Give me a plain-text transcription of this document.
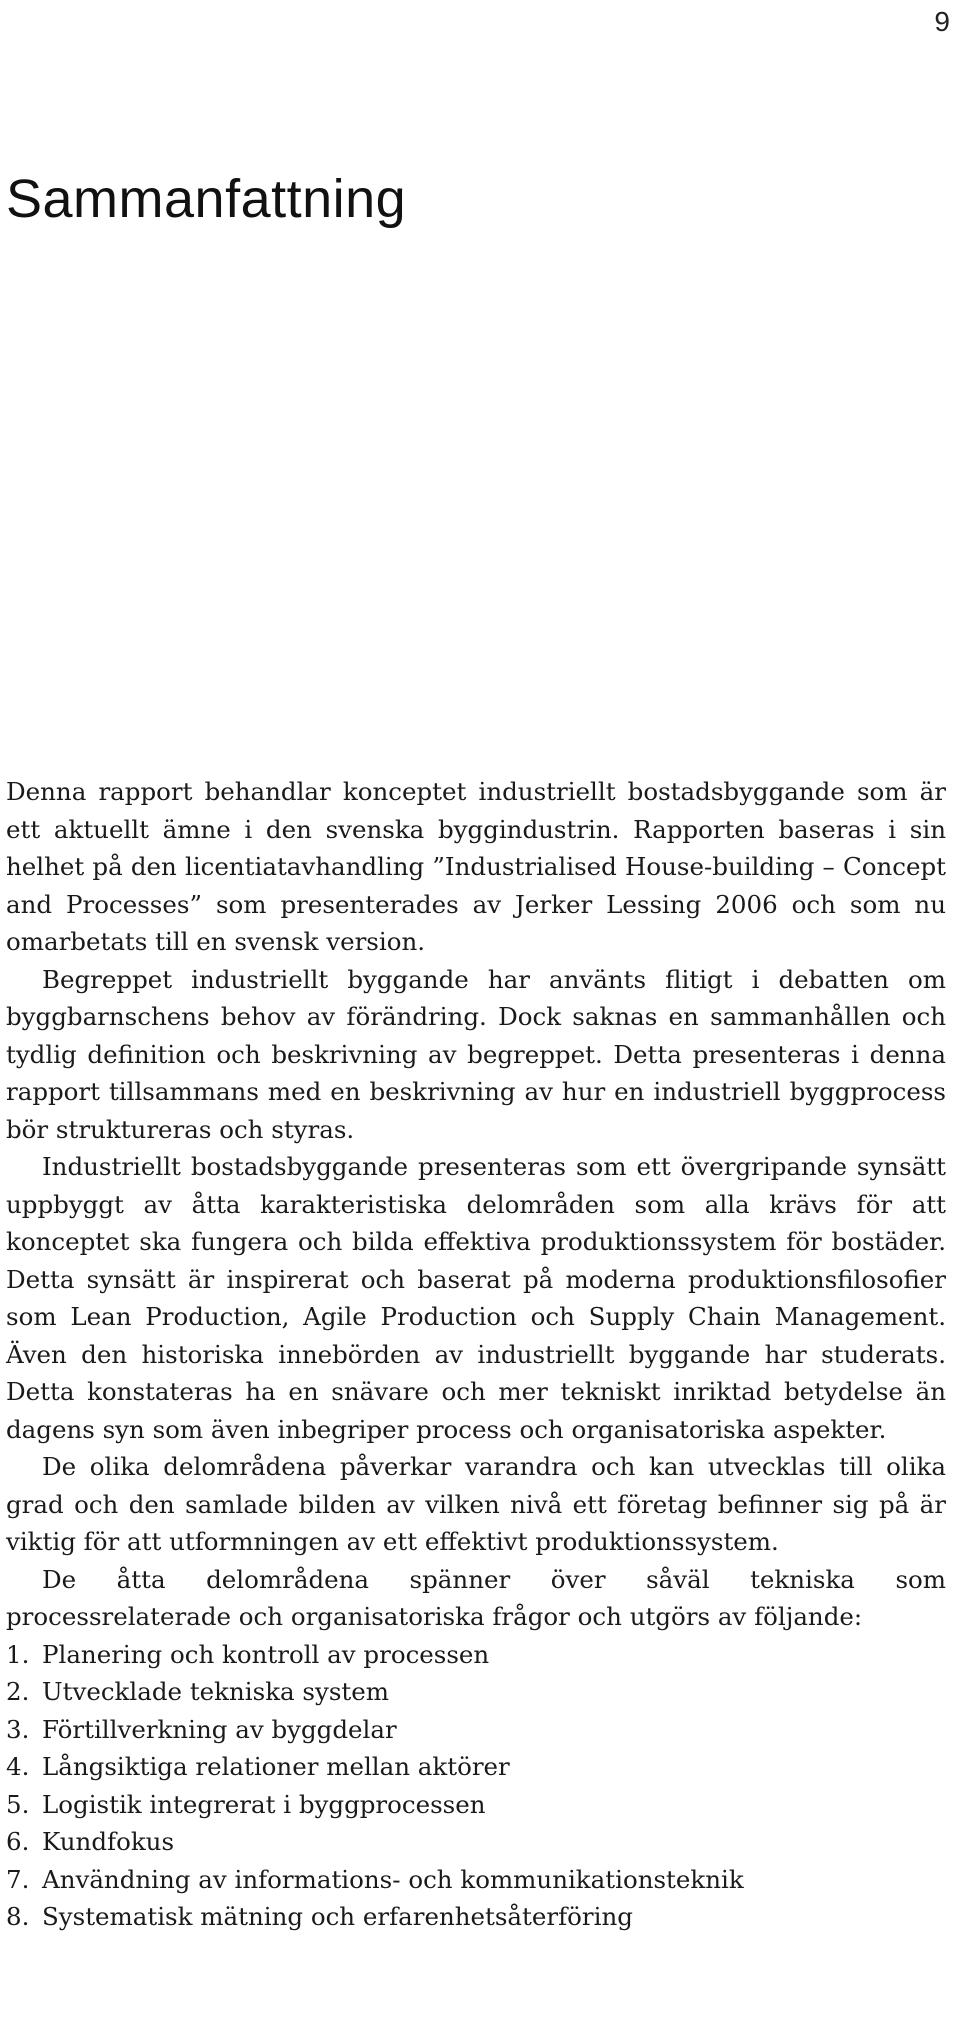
9
Sammanfattning

Denna rapport behandlar konceptet industriellt bostadsbyggande som är ett aktuellt ämne i den svenska byggindustrin. Rapporten baseras i sin helhet på den licentiatavhandling ”Industrialised House-building – Concept and Processes” som presenterades av Jerker Lessing 2006 och som nu omarbetats till en svensk version.

Begreppet industriellt byggande har använts flitigt i debatten om byggbarnschens behov av förändring. Dock saknas en sammanhållen och tydlig definition och beskrivning av begreppet. Detta presenteras i denna rapport tillsammans med en beskrivning av hur en industriell byggprocess bör struktureras och styras.

Industriellt bostadsbyggande presenteras som ett övergripande synsätt uppbyggt av åtta karakteristiska delområden som alla krävs för att konceptet ska fungera och bilda effektiva produktionssystem för bostäder. Detta synsätt är inspirerat och baserat på moderna produktionsfilosofier som Lean Production, Agile Production och Supply Chain Management. Även den historiska innebörden av industriellt byggande har studerats. Detta konstateras ha en snävare och mer tekniskt inriktad betydelse än dagens syn som även inbegriper process och organisatoriska aspekter.

De olika delområdena påverkar varandra och kan utvecklas till olika grad och den samlade bilden av vilken nivå ett företag befinner sig på är viktig för att utformningen av ett effektivt produktionssystem.

De åtta delområdena spänner över såväl tekniska som processrelaterade och organisatoriska frågor och utgörs av följande:

1. Planering och kontroll av processen
2. Utvecklade tekniska system
3. Förtillverkning av byggdelar
4. Långsiktiga relationer mellan aktörer
5. Logistik integrerat i byggprocessen
6. Kundfokus
7. Användning av informations- och kommunikationsteknik
8. Systematisk mätning och erfarenhetsåterföring
